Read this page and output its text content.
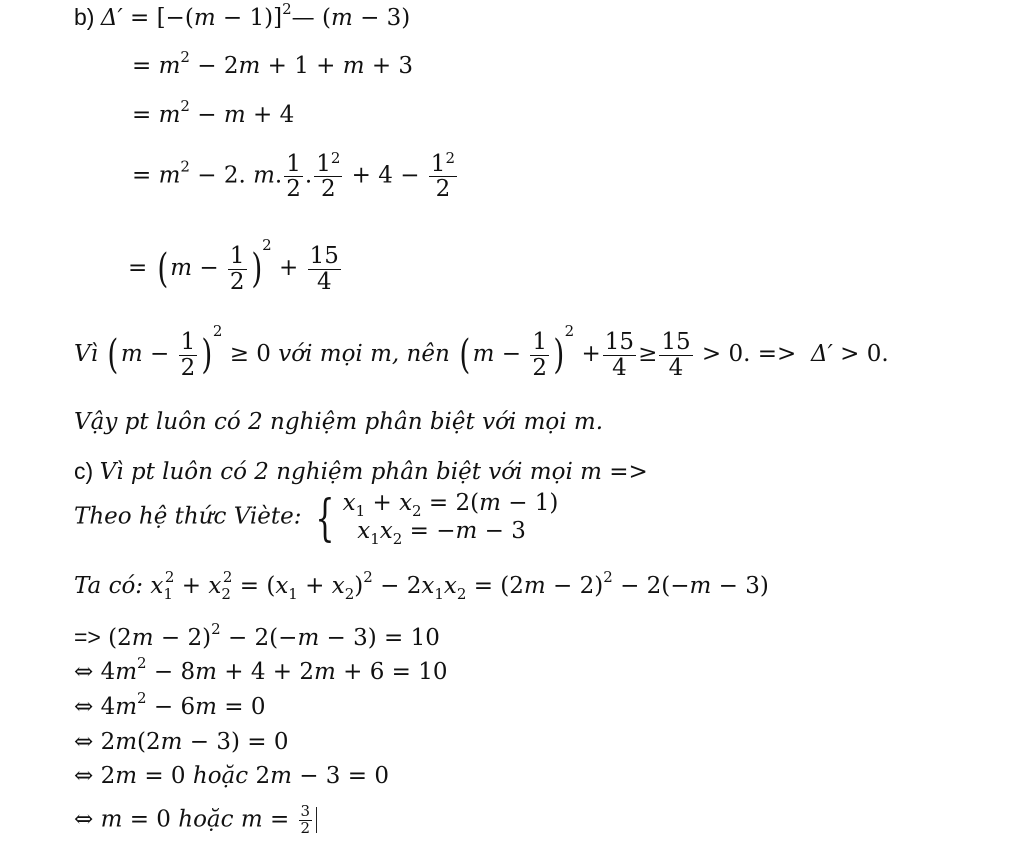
b) $\Delta' = [-(m - 1)]^2—$ (m − 3)
= $m^2 - 2m + 1 + m + 3$
= $m^2 - m + 4$
= $m^2 - 2$. m. $\frac{1}{2}$ . $\frac{1^2}{2} + 4 - \frac{1^2}{2}$
= ( $m - \frac{1}{2} )^2 + \frac{15}{4}$
Vì ( $m - \frac{1}{2} )^2 \ge 0$ với mọi m, nên ( $m - \frac{1}{2} )^2 + \frac{15}{4} \ge \frac{15}{4} > 0$. =>  Δ′ > 0.
Vậy pt luôn có 2 nghiệm phân biệt với mọi m.
c) Vì pt luôn có 2 nghiệm phân biệt với mọi m =>
Theo hệ thức Viète: { $x_1 + x_2 = 2(m - 1)$
$x_1x_2 = -m - 3$
Ta có: $x_1^2 + x_2^2 = (x_1 + x_2)^2 - 2x_1x_2 = (2m - 2)^2 - 2(-m - 3)$
=> $(2m - 2)^2 - 2(-m - 3) = 10$
⇔ $4m^2 - 8m + 4 + 2m + 6 = 10$
⇔ $4m^2 - 6m = 0$
⇔ 2m(2m − 3) = 0
⇔ 2m = 0 hoặc 2m − 3 = 0
⇔ m = 0 hoặc $m = \frac{3}{2}$
